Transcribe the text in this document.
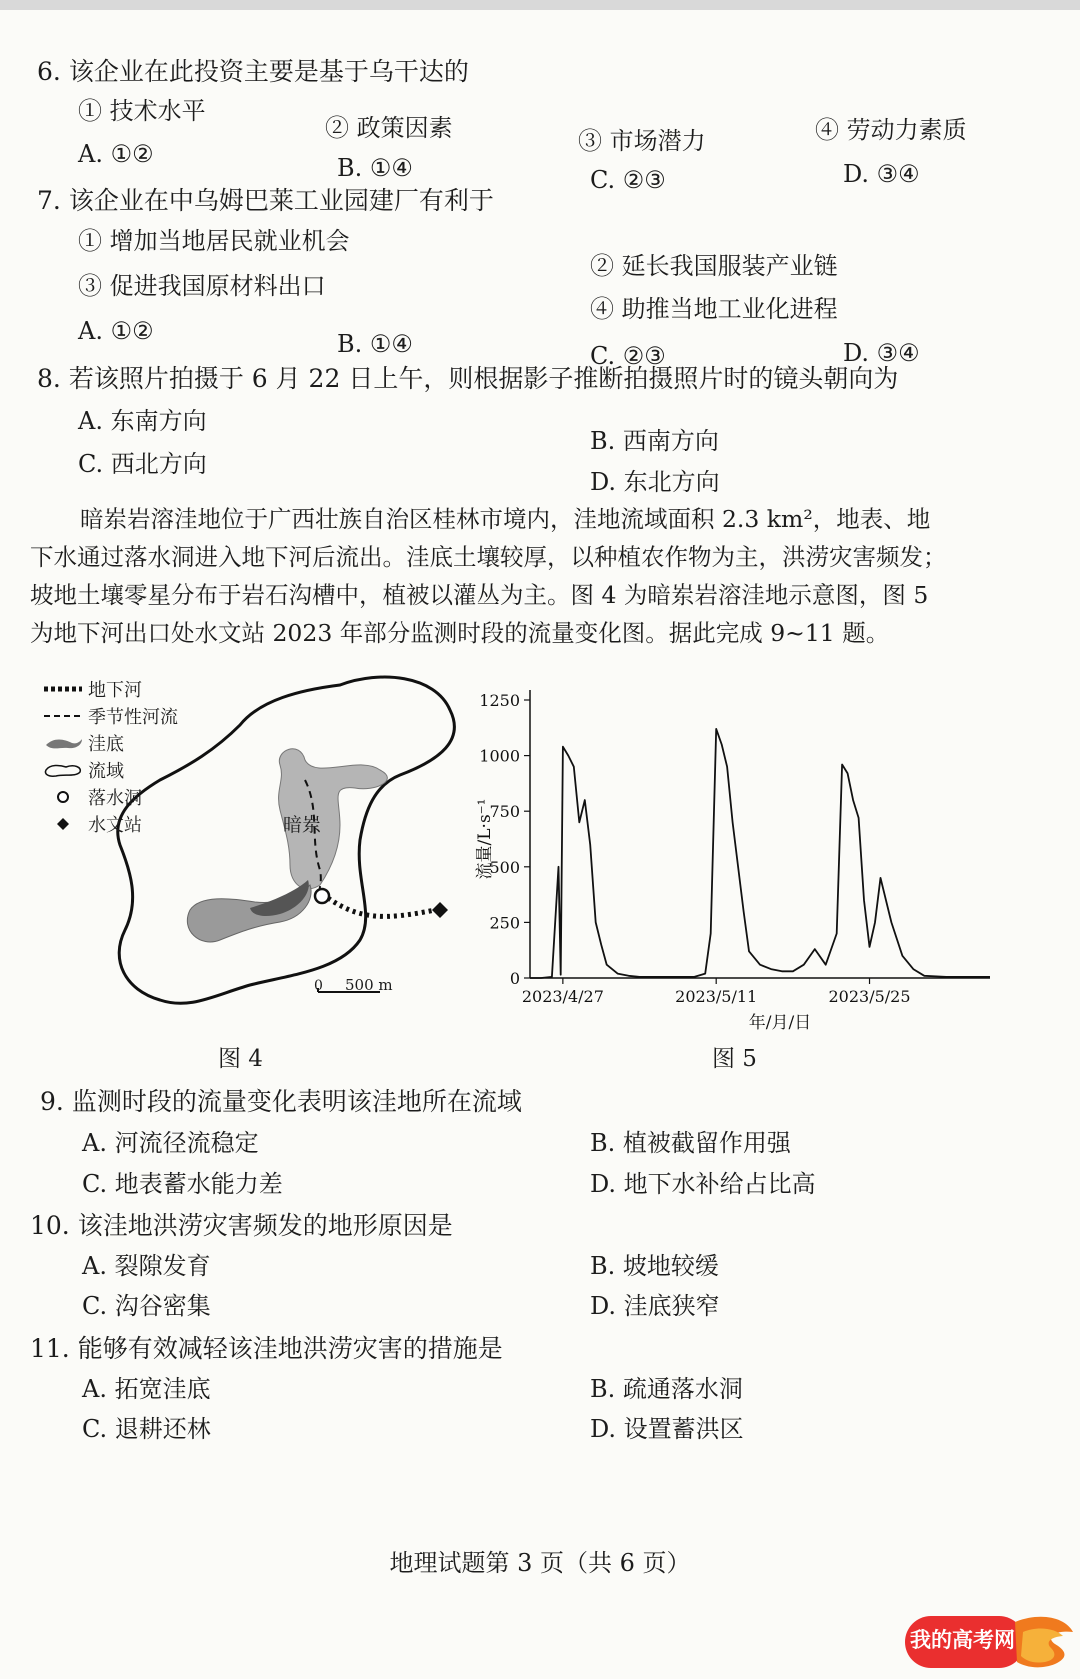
6. 该企业在此投资主要是基于乌干达的
① 技术水平
② 政策因素	③ 市场潜力	④ 劳动力素质
A. ①②	B. ①④	C. ②③	D. ③④
7. 该企业在中乌姆巴莱工业园建厂有利于
① 增加当地居民就业机会
② 延长我国服装产业链
③ 促进我国原材料出口
④ 助推当地工业化进程
A. ①②	B. ①④	C. ②③	D. ③④
8. 若该照片拍摄于 6 月 22 日上午，则根据影子推断拍摄照片时的镜头朝向为
A. 东南方向
B. 西南方向
C. 西北方向
D. 东北方向
暗岽岩溶洼地位于广西壮族自治区桂林市境内，洼地流域面积 2.3 km²，地表、地
下水通过落水洞进入地下河后流出。洼底土壤较厚，以种植农作物为主，洪涝灾害频发；
坡地土壤零星分布于岩石沟槽中，植被以灌丛为主。图 4 为暗岽岩溶洼地示意图，图 5
为地下河出口处水文站 2023 年部分监测时段的流量变化图。据此完成 9~11 题。
暗岽
0 500 m
地下河
季节性河流
洼底
流域
落水洞
水文站
图 4
1250
1000
750
500
250
0
2023/4/27	2023/5/11	2023/5/25
年/月/日
流量/L·s⁻¹
图 5
9. 监测时段的流量变化表明该洼地所在流域
A. 河流径流稳定	B. 植被截留作用强
C. 地表蓄水能力差	D. 地下水补给占比高
10. 该洼地洪涝灾害频发的地形原因是
A. 裂隙发育	B. 坡地较缓
C. 沟谷密集	D. 洼底狭窄
11. 能够有效减轻该洼地洪涝灾害的措施是
A. 拓宽洼底	B. 疏通落水洞
C. 退耕还林	D. 设置蓄洪区
地理试题第 3 页（共 6 页）
我的高考网
